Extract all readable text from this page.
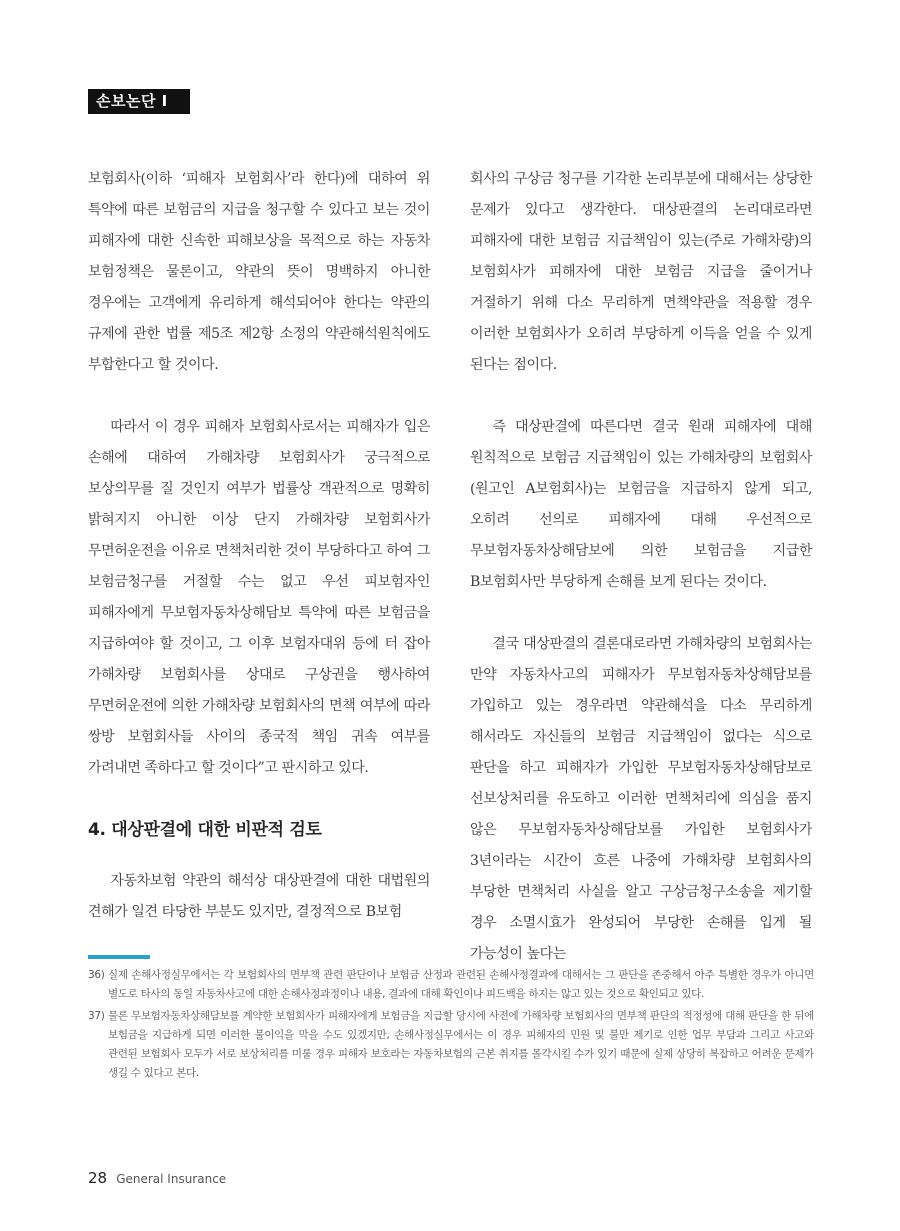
손보논단 I

보험회사(이하 ‘피해자 보험회사’라 한다)에 대하여 위 특약에 따른 보험금의 지급을 청구할 수 있다고 보는 것이 피해자에 대한 신속한 피해보상을 목적으로 하는 자동차 보험정책은 물론이고, 약관의 뜻이 명백하지 아니한 경우에는 고객에게 유리하게 해석되어야 한다는 약관의 규제에 관한 법률 제5조 제2항 소정의 약관해석원칙에도 부합한다고 할 것이다.

따라서 이 경우 피해자 보험회사로서는 피해자가 입은 손해에 대하여 가해차량 보험회사가 궁극적으로 보상의무를 질 것인지 여부가 법률상 객관적으로 명확히 밝혀지지 아니한 이상 단지 가해차량 보험회사가 무면허운전을 이유로 면책처리한 것이 부당하다고 하여 그 보험금청구를 거절할 수는 없고 우선 피보험자인 피해자에게 무보험자동차상해담보 특약에 따른 보험금을 지급하여야 할 것이고, 그 이후 보험자대위 등에 터 잡아 가해차량 보험회사를 상대로 구상권을 행사하여 무면허운전에 의한 가해차량 보험회사의 면책 여부에 따라 쌍방 보험회사들 사이의 종국적 책임 귀속 여부를 가려내면 족하다고 할 것이다”고 판시하고 있다.

4. 대상판결에 대한 비판적 검토

자동차보험 약관의 해석상 대상판결에 대한 대법원의 견해가 일견 타당한 부분도 있지만, 결정적으로 B보험

회사의 구상금 청구를 기각한 논리부분에 대해서는 상당한 문제가 있다고 생각한다. 대상판결의 논리대로라면 피해자에 대한 보험금 지급책임이 있는(주로 가해차량)의 보험회사가 피해자에 대한 보험금 지급을 줄이거나 거절하기 위해 다소 무리하게 면책약관을 적용할 경우 이러한 보험회사가 오히려 부당하게 이득을 얻을 수 있게 된다는 점이다.

즉 대상판결에 따른다면 결국 원래 피해자에 대해 원칙적으로 보험금 지급책임이 있는 가해차량의 보험회사(원고인 A보험회사)는 보험금을 지급하지 않게 되고, 오히려 선의로 피해자에 대해 우선적으로 무보험자동차상해담보에 의한 보험금을 지급한 B보험회사만 부당하게 손해를 보게 된다는 것이다.

결국 대상판결의 결론대로라면 가해차량의 보험회사는 만약 자동차사고의 피해자가 무보험자동차상해담보를 가입하고 있는 경우라면 약관해석을 다소 무리하게 해서라도 자신들의 보험금 지급책임이 없다는 식으로 판단을 하고 피해자가 가입한 무보험자동차상해담보로 선보상처리를 유도하고 이러한 면책처리에 의심을 품지 않은 무보험자동차상해담보를 가입한 보험회사가 3년이라는 시간이 흐른 나중에 가해차량 보험회사의 부당한 면책처리 사실을 알고 구상금청구소송을 제기할 경우 소멸시효가 완성되어 부당한 손해를 입게 될 가능성이 높다는

36) 실제 손해사정실무에서는 각 보험회사의 면부책 관련 판단이나 보험금 산정과 관련된 손해사정결과에 대해서는 그 판단을 존중해서 아주 특별한 경우가 아니면 별도로 타사의 동일 자동차사고에 대한 손해사정과정이나 내용, 결과에 대해 확인이나 피드백을 하지는 않고 있는 것으로 확인되고 있다.
37) 물론 무보험자동차상해담보를 계약한 보험회사가 피해자에게 보험금을 지급할 당시에 사전에 가해차량 보험회사의 면부책 판단의 적정성에 대해 판단을 한 뒤에 보험금을 지급하게 되면 이러한 불이익을 막을 수도 있겠지만, 손해사정실무에서는 이 경우 피해자의 민원 및 불만 제기로 인한 업무 부담과 그리고 사고와 관련된 보험회사 모두가 서로 보상처리를 미룰 경우 피해자 보호라는 자동차보험의 근본 취지를 몰각시킬 수가 있기 때문에 실제 상당히 복잡하고 어려운 문제가 생길 수 있다고 본다.
28 General Insurance
